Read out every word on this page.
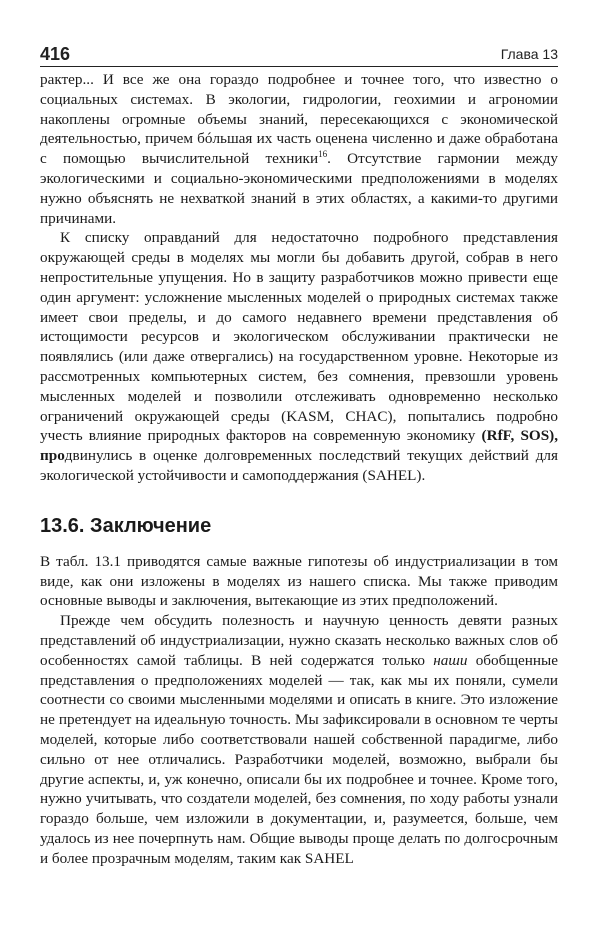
416	Глава 13

рактер... И все же она гораздо подробнее и точнее того, что известно о социальных системах. В экологии, гидрологии, геохимии и агрономии накоплены огромные объемы знаний, пересекающихся с экономической деятельностью, причем бóльшая их часть оценена численно и даже обработана с помощью вычислительной техники$^{16}$. Отсутствие гармонии между экологическими и социально-экономическими предположениями в моделях нужно объяснять не нехваткой знаний в этих областях, а какими-то другими причинами.

К списку оправданий для недостаточно подробного представления окружающей среды в моделях мы могли бы добавить другой, собрав в него непростительные упущения. Но в защиту разработчиков можно привести еще один аргумент: усложнение мысленных моделей о природных системах также имеет свои пределы, и до самого недавнего времени представления об истощимости ресурсов и экологическом обслуживании практически не появлялись (или даже отвергались) на государственном уровне. Некоторые из рассмотренных компьютерных систем, без сомнения, превзошли уровень мысленных моделей и позволили отслеживать одновременно несколько ограничений окружающей среды (KASM, CHAC), попытались подробно учесть влияние природных факторов на современную экономику (RfF, SOS), продвинулись в оценке долговременных последствий текущих действий для экологической устойчивости и самоподдержания (SAHEL).

13.6. Заключение

В табл. 13.1 приводятся самые важные гипотезы об индустриализации в том виде, как они изложены в моделях из нашего списка. Мы также приводим основные выводы и заключения, вытекающие из этих предположений.

Прежде чем обсудить полезность и научную ценность девяти разных представлений об индустриализации, нужно сказать несколько важных слов об особенностях самой таблицы. В ней содержатся только наши обобщенные представления о предположениях моделей — так, как мы их поняли, сумели соотнести со своими мысленными моделями и описать в книге. Это изложение не претендует на идеальную точность. Мы зафиксировали в основном те черты моделей, которые либо соответствовали нашей собственной парадигме, либо сильно от нее отличались. Разработчики моделей, возможно, выбрали бы другие аспекты, и, уж конечно, описали бы их подробнее и точнее. Кроме того, нужно учитывать, что создатели моделей, без сомнения, по ходу работы узнали гораздо больше, чем изложили в документации, и, разумеется, больше, чем удалось из нее почерпнуть нам. Общие выводы проще делать по долгосрочным и более прозрачным моделям, таким как SAHEL
